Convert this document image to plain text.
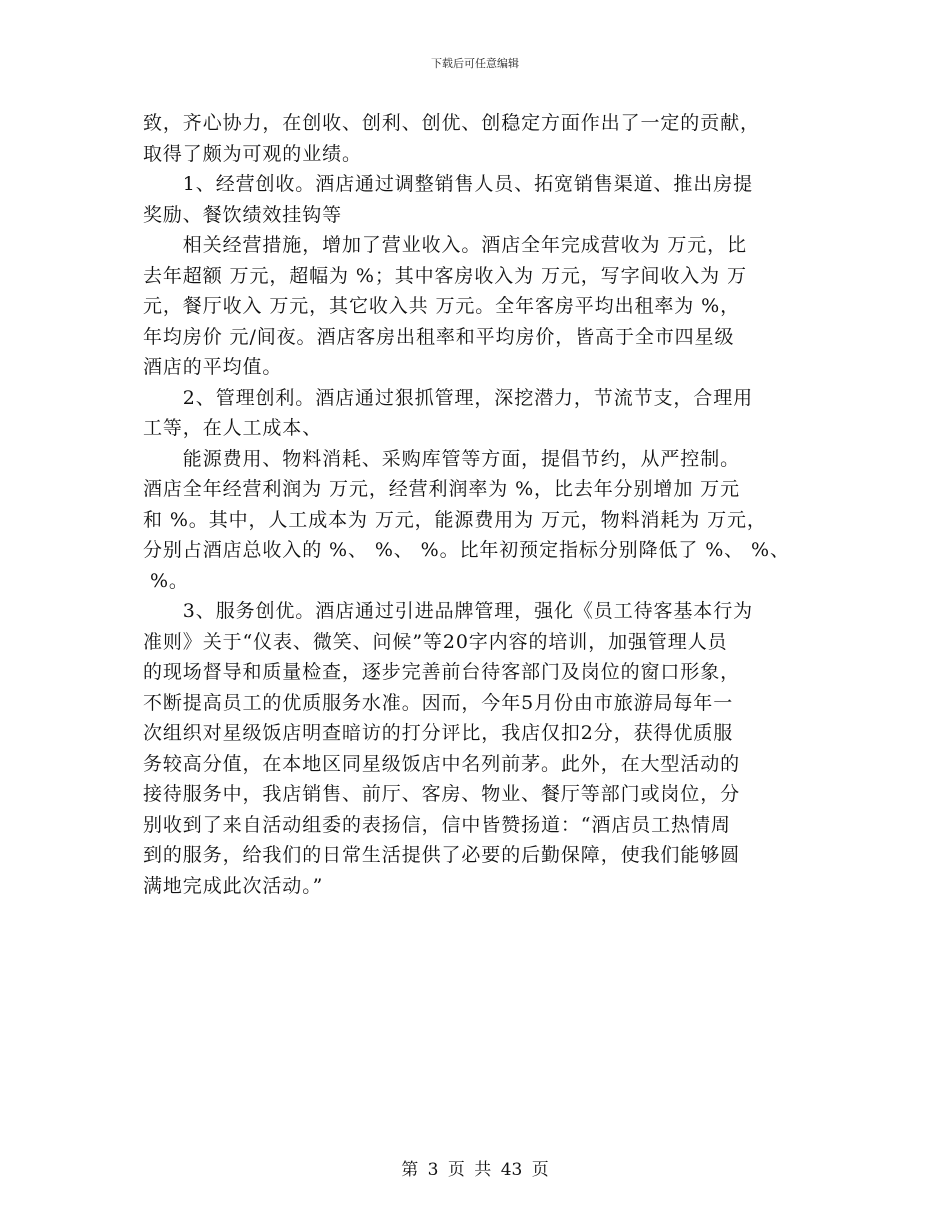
下载后可任意编辑

致，齐心协力，在创收、创利、创优、创稳定方面作出了一定的贡献，

取得了颇为可观的业绩。

　　1、经营创收。酒店通过调整销售人员、拓宽销售渠道、推出房提

奖励、餐饮绩效挂钩等

　　相关经营措施，增加了营业收入。酒店全年完成营收为 万元，比

去年超额 万元，超幅为 %；其中客房收入为 万元，写字间收入为 万

元，餐厅收入 万元，其它收入共 万元。全年客房平均出租率为 %，

年均房价 元/间夜。酒店客房出租率和平均房价，皆高于全市四星级

酒店的平均值。

　　2、管理创利。酒店通过狠抓管理，深挖潜力，节流节支，合理用

工等，在人工成本、

　　能源费用、物料消耗、采购库管等方面，提倡节约，从严控制。

酒店全年经营利润为 万元，经营利润率为 %，比去年分别增加 万元

和 %。其中，人工成本为 万元，能源费用为 万元，物料消耗为 万元，

分别占酒店总收入的 %、 %、 %。比年初预定指标分别降低了 %、 %、

%。

　　3、服务创优。酒店通过引进品牌管理，强化《员工待客基本行为

准则》关于“仪表、微笑、问候”等20字内容的培训，加强管理人员

的现场督导和质量检查，逐步完善前台待客部门及岗位的窗口形象，

不断提高员工的优质服务水准。因而，今年5月份由市旅游局每年一

次组织对星级饭店明查暗访的打分评比，我店仅扣2分，获得优质服

务较高分值，在本地区同星级饭店中名列前茅。此外，在大型活动的

接待服务中，我店销售、前厅、客房、物业、餐厅等部门或岗位，分

别收到了来自活动组委的表扬信，信中皆赞扬道：“酒店员工热情周

到的服务，给我们的日常生活提供了必要的后勤保障，使我们能够圆

满地完成此次活动。”

第 3 页 共 43 页
